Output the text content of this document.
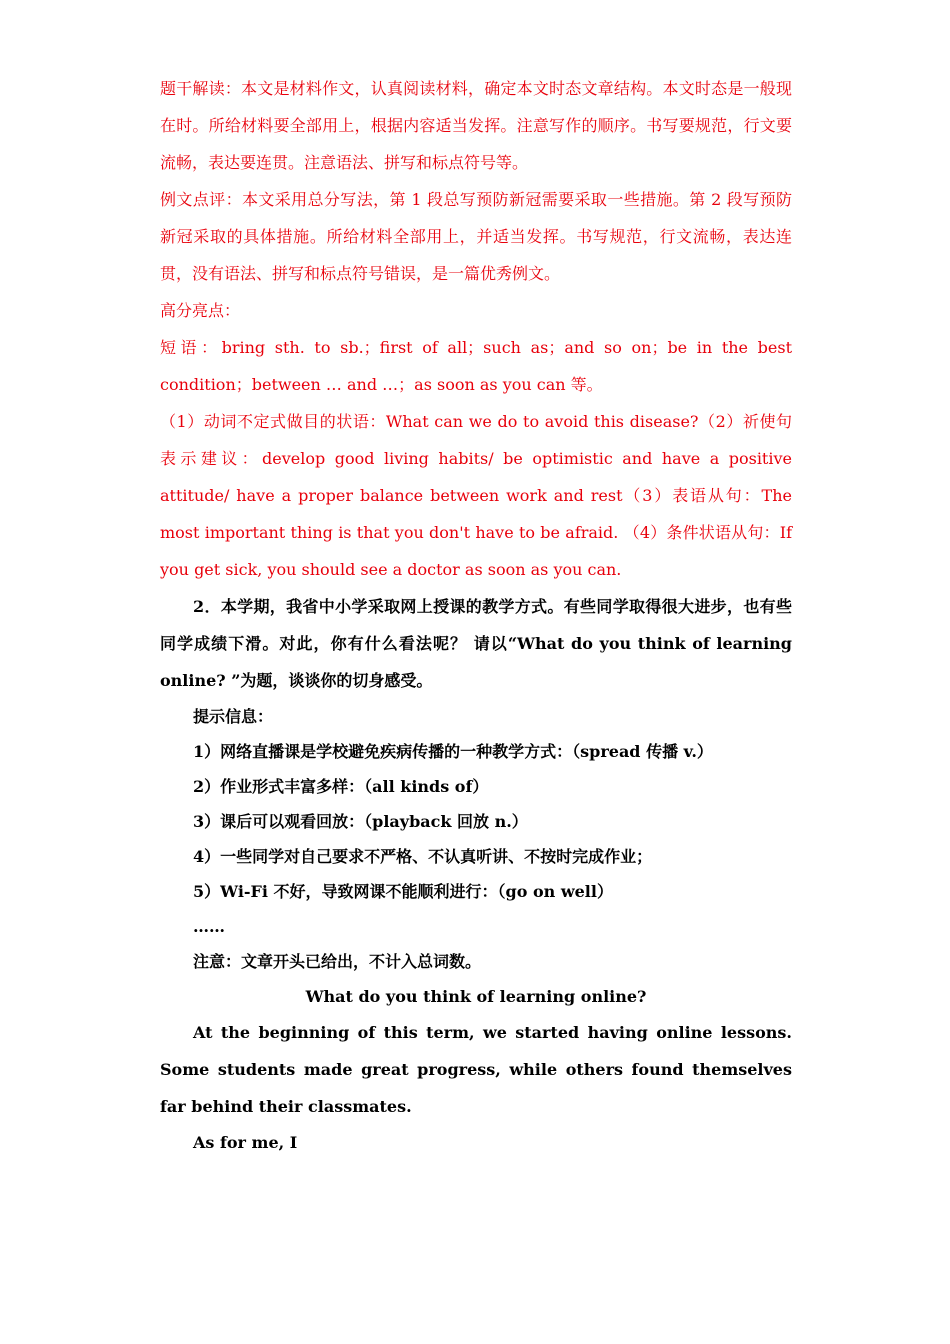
题干解读：本文是材料作文，认真阅读材料，确定本文时态文章结构。本文时态是一般现在时。所给材料要全部用上，根据内容适当发挥。注意写作的顺序。书写要规范，行文要流畅，表达要连贯。注意语法、拼写和标点符号等。

例文点评：本文采用总分写法，第 1 段总写预防新冠需要采取一些措施。第 2 段写预防新冠采取的具体措施。所给材料全部用上，并适当发挥。书写规范，行文流畅，表达连贯，没有语法、拼写和标点符号错误，是一篇优秀例文。

高分亮点：

短语：bring sth. to sb.；first of all；such as；and so on；be in the best condition；between … and …；as soon as you can 等。

（1）动词不定式做目的状语：What can we do to avoid this disease?（2）祈使句表示建议：develop good living habits/ be optimistic and have a positive attitude/ have a proper balance between work and rest（3）表语从句：The most important thing is that you don't have to be afraid. （4）条件状语从句：If you get sick, you should see a doctor as soon as you can.

2．本学期，我省中小学采取网上授课的教学方式。有些同学取得很大进步，也有些同学成绩下滑。对此，你有什么看法呢？ 请以“What do you think of learning online? ”为题，谈谈你的切身感受。

提示信息：

1）网络直播课是学校避免疾病传播的一种教学方式：（spread 传播 v.）

2）作业形式丰富多样：（all kinds of）

3）课后可以观看回放：（playback 回放 n.）

4）一些同学对自己要求不严格、不认真听讲、不按时完成作业；

5）Wi-Fi 不好，导致网课不能顺利进行：（go on well）

……

注意：文章开头已给出，不计入总词数。

What do you think of learning online?

At the beginning of this term, we started having online lessons. Some students made great progress, while others found themselves far behind their classmates.

As for me, I
